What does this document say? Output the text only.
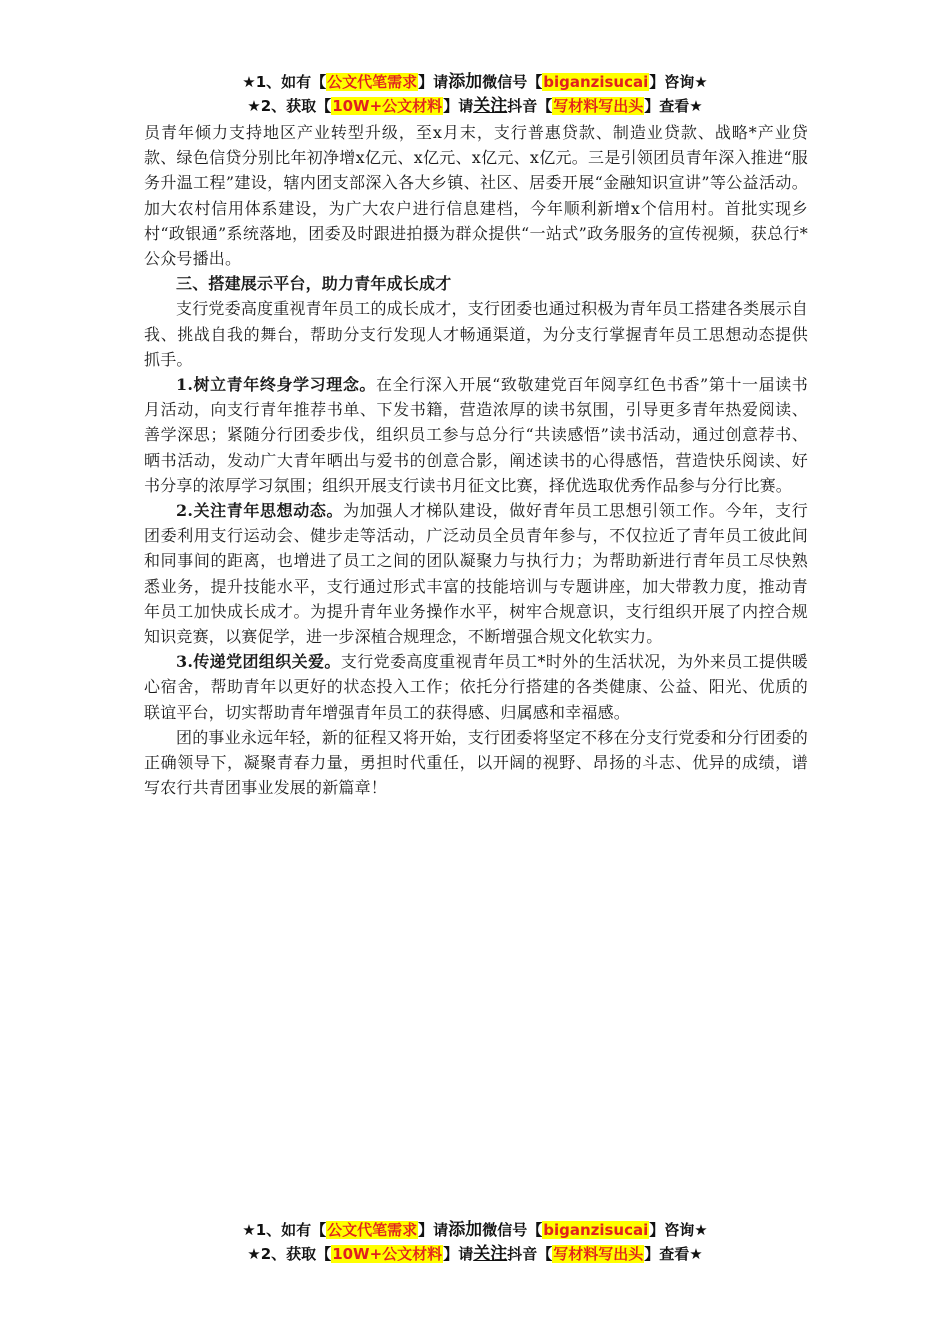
★1、如有【公文代笔需求】请添加微信号【biganzisucai】咨询★
★2、获取【10W+公文材料】请关注抖音【写材料写出头】查看★

员青年倾力支持地区产业转型升级，至x月末，支行普惠贷款、制造业贷款、战略*产业贷款、绿色信贷分别比年初净增x亿元、x亿元、x亿元、x亿元。三是引领团员青年深入推进“服务升温工程”建设，辖内团支部深入各大乡镇、社区、居委开展“金融知识宣讲”等公益活动。加大农村信用体系建设，为广大农户进行信息建档，今年顺利新增x个信用村。首批实现乡村“政银通”系统落地，团委及时跟进拍摄为群众提供“一站式”政务服务的宣传视频，获总行*公众号播出。

三、搭建展示平台，助力青年成长成才

支行党委高度重视青年员工的成长成才，支行团委也通过积极为青年员工搭建各类展示自我、挑战自我的舞台，帮助分支行发现人才畅通渠道，为分支行掌握青年员工思想动态提供抓手。

1.树立青年终身学习理念。在全行深入开展“致敬建党百年阅享红色书香”第十一届读书月活动，向支行青年推荐书单、下发书籍，营造浓厚的读书氛围，引导更多青年热爱阅读、善学深思；紧随分行团委步伐，组织员工参与总分行“共读感悟”读书活动，通过创意荐书、晒书活动，发动广大青年晒出与爱书的创意合影，阐述读书的心得感悟，营造快乐阅读、好书分享的浓厚学习氛围；组织开展支行读书月征文比赛，择优选取优秀作品参与分行比赛。

2.关注青年思想动态。为加强人才梯队建设，做好青年员工思想引领工作。今年，支行团委利用支行运动会、健步走等活动，广泛动员全员青年参与，不仅拉近了青年员工彼此间和同事间的距离，也增进了员工之间的团队凝聚力与执行力；为帮助新进行青年员工尽快熟悉业务，提升技能水平，支行通过形式丰富的技能培训与专题讲座，加大带教力度，推动青年员工加快成长成才。为提升青年业务操作水平，树牢合规意识，支行组织开展了内控合规知识竞赛，以赛促学，进一步深植合规理念，不断增强合规文化软实力。

3.传递党团组织关爱。支行党委高度重视青年员工*时外的生活状况，为外来员工提供暖心宿舍，帮助青年以更好的状态投入工作；依托分行搭建的各类健康、公益、阳光、优质的联谊平台，切实帮助青年增强青年员工的获得感、归属感和幸福感。

团的事业永远年轻，新的征程又将开始，支行团委将坚定不移在分支行党委和分行团委的正确领导下，凝聚青春力量，勇担时代重任，以开阔的视野、昂扬的斗志、优异的成绩，谱写农行共青团事业发展的新篇章！

★1、如有【公文代笔需求】请添加微信号【biganzisucai】咨询★
★2、获取【10W+公文材料】请关注抖音【写材料写出头】查看★
